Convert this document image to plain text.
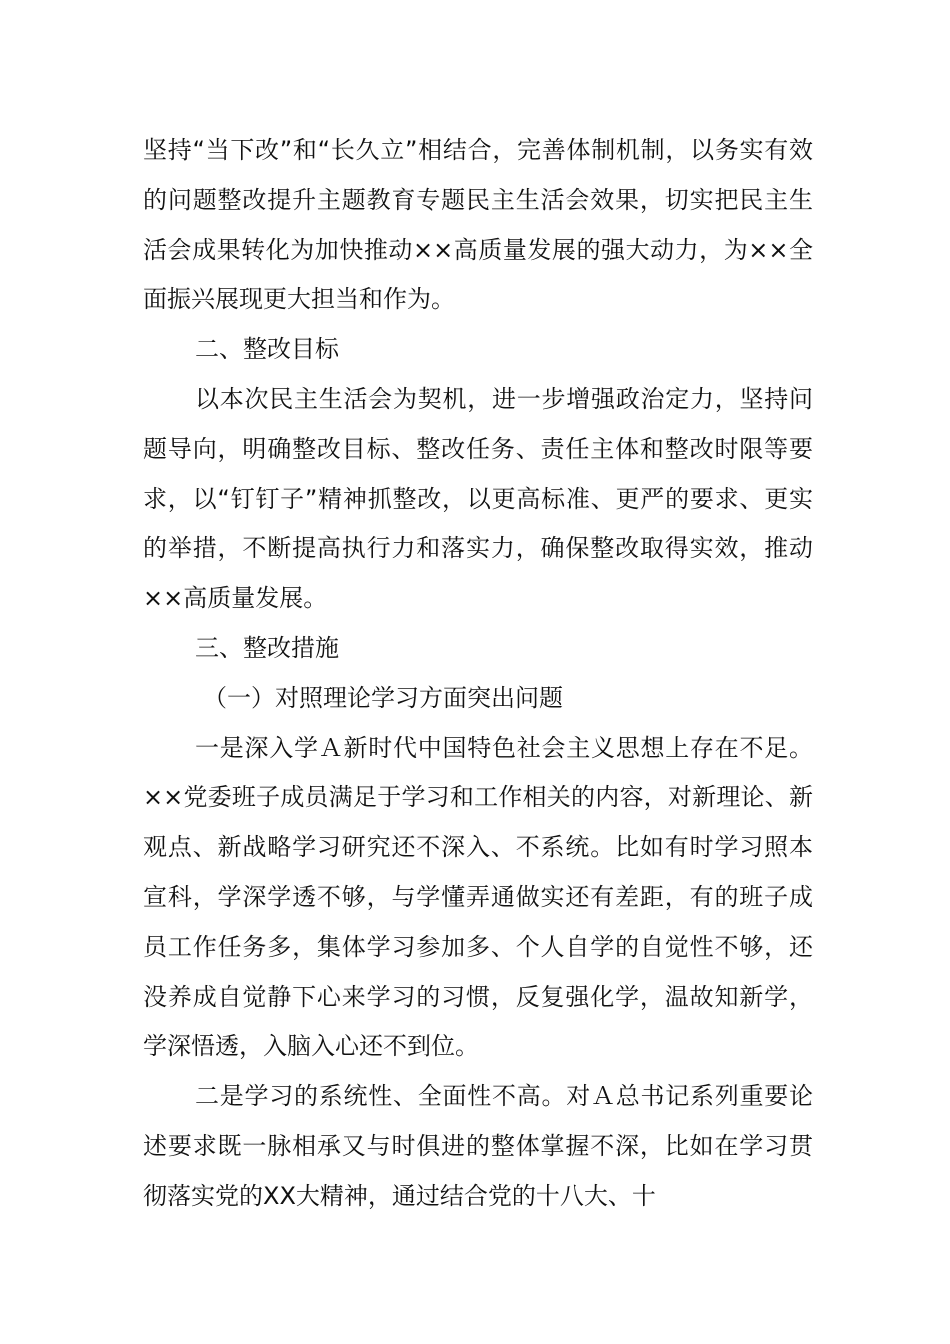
坚持“当下改”和“长久立”相结合，完善体制机制，以务实有效的问题整改提升主题教育专题民主生活会效果，切实把民主生活会成果转化为加快推动××高质量发展的强大动力，为××全面振兴展现更大担当和作为。

二、整改目标

以本次民主生活会为契机，进一步增强政治定力，坚持问题导向，明确整改目标、整改任务、责任主体和整改时限等要求，以“钉钉子”精神抓整改，以更高标准、更严的要求、更实的举措，不断提高执行力和落实力，确保整改取得实效，推动××高质量发展。

三、整改措施

（一）对照理论学习方面突出问题

一是深入学Ａ新时代中国特色社会主义思想上存在不足。××党委班子成员满足于学习和工作相关的内容，对新理论、新观点、新战略学习研究还不深入、不系统。比如有时学习照本宣科，学深学透不够，与学懂弄通做实还有差距，有的班子成员工作任务多，集体学习参加多、个人自学的自觉性不够，还没养成自觉静下心来学习的习惯，反复强化学，温故知新学，学深悟透，入脑入心还不到位。

二是学习的系统性、全面性不高。对Ａ总书记系列重要论述要求既一脉相承又与时俱进的整体掌握不深，比如在学习贯彻落实党的XX大精神，通过结合党的十八大、十
